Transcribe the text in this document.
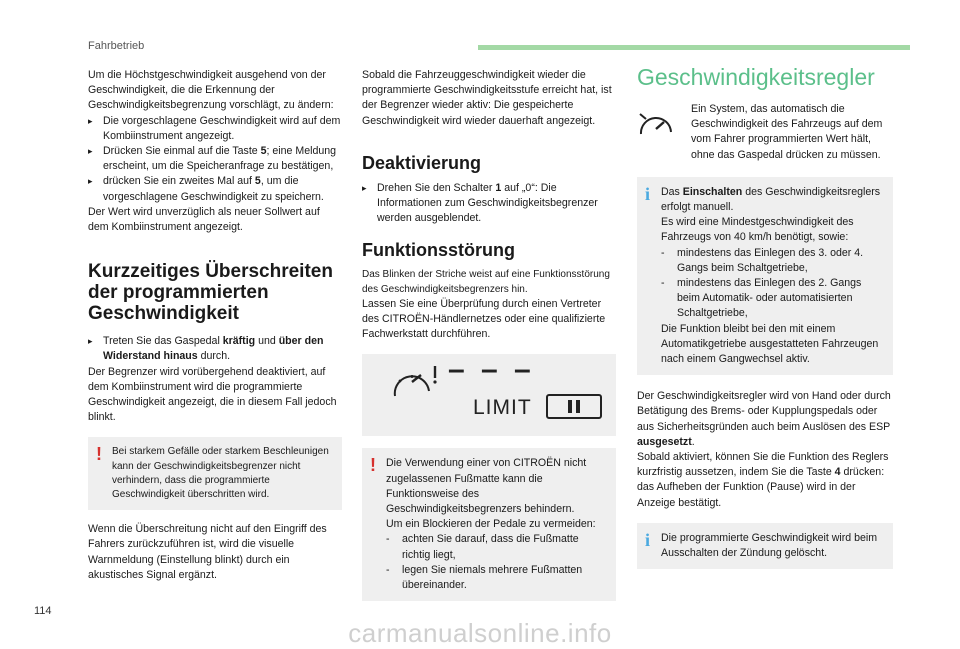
Fahrbetrieb

Um die Höchstgeschwindigkeit ausgehend von der Geschwindigkeit, die die Erkennung der Geschwindigkeitsbegrenzung vorschlägt, zu ändern:

▸ Die vorgeschlagene Geschwindigkeit wird auf dem Kombiinstrument angezeigt.
▸ Drücken Sie einmal auf die Taste 5; eine Meldung erscheint, um die Speicheranfrage zu bestätigen,
▸ drücken Sie ein zweites Mal auf 5, um die vorgeschlagene Geschwindigkeit zu speichern.

Der Wert wird unverzüglich als neuer Sollwert auf dem Kombiinstrument angezeigt.

Kurzzeitiges Überschreiten der programmierten Geschwindigkeit
▸ Treten Sie das Gaspedal kräftig und über den Widerstand hinaus durch.

Der Begrenzer wird vorübergehend deaktiviert, auf dem Kombiinstrument wird die programmierte Geschwindigkeit angezeigt, die in diesem Fall jedoch blinkt.

! Bei starkem Gefälle oder starkem Beschleunigen kann der Geschwindigkeitsbegrenzer nicht verhindern, dass die programmierte Geschwindigkeit überschritten wird.

Wenn die Überschreitung nicht auf den Eingriff des Fahrers zurückzuführen ist, wird die visuelle Warnmeldung (Einstellung blinkt) durch ein akustisches Signal ergänzt.

Sobald die Fahrzeuggeschwindigkeit wieder die programmierte Geschwindigkeitsstufe erreicht hat, ist der Begrenzer wieder aktiv: Die gespeicherte Geschwindigkeit wird wieder dauerhaft angezeigt.

Deaktivierung
▸ Drehen Sie den Schalter 1 auf „0“: Die Informationen zum Geschwindigkeitsbegrenzer werden ausgeblendet.
Funktionsstörung

Das Blinken der Striche weist auf eine Funktionsstörung des Geschwindigkeitsbegrenzers hin.

Lassen Sie eine Überprüfung durch einen Vertreter des CITROËN-Händlernetzes oder eine qualifizierte Fachwerkstatt durchführen.

– – –
LIMIT
! Die Verwendung einer von CITROËN nicht zugelassenen Fußmatte kann die Funktionsweise des Geschwindigkeitsbegrenzers behindern.

Um ein Blockieren der Pedale zu vermeiden:

- achten Sie darauf, dass die Fußmatte richtig liegt,
- legen Sie niemals mehrere Fußmatten übereinander.
Geschwindigkeitsregler

Ein System, das automatisch die Geschwindigkeit des Fahrzeugs auf dem vom Fahrer programmierten Wert hält, ohne das Gaspedal drücken zu müssen.

i Das Einschalten des Geschwindigkeitsreglers erfolgt manuell.

Es wird eine Mindestgeschwindigkeit des Fahrzeugs von 40 km/h benötigt, sowie:

- mindestens das Einlegen des 3. oder 4. Gangs beim Schaltgetriebe,
- mindestens das Einlegen des 2. Gangs beim Automatik- oder automatisierten Schaltgetriebe,

Die Funktion bleibt bei den mit einem Automatikgetriebe ausgestatteten Fahrzeugen nach einem Gangwechsel aktiv.

Der Geschwindigkeitsregler wird von Hand oder durch Betätigung des Brems- oder Kupplungspedals oder aus Sicherheitsgründen auch beim Auslösen des ESP ausgesetzt.

Sobald aktiviert, können Sie die Funktion des Reglers kurzfristig aussetzen, indem Sie die Taste 4 drücken: das Aufheben der Funktion (Pause) wird in der Anzeige bestätigt.

i Die programmierte Geschwindigkeit wird beim Ausschalten der Zündung gelöscht.

114
carmanualsonline.info
